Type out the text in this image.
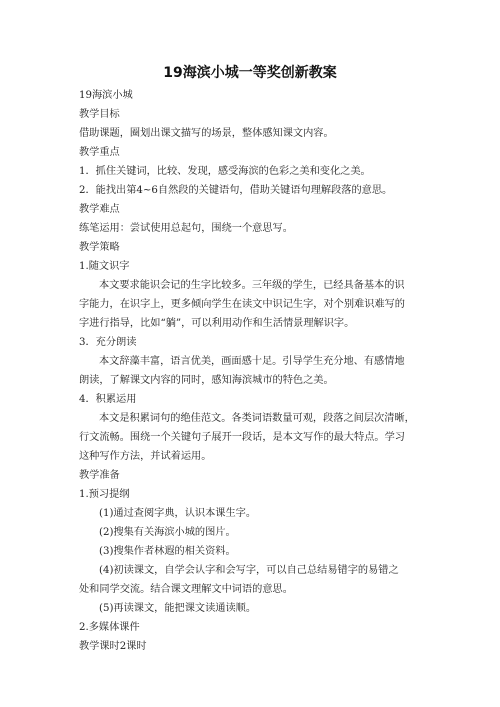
19海滨小城一等奖创新教案
19海滨小城
教学目标
借助课题，圈划出课文描写的场景，整体感知课文内容。
教学重点
1．抓住关键词，比较、发现，感受海滨的色彩之美和变化之美。
2．能找出第4~6自然段的关键语句，借助关键语句理解段落的意思。
教学难点
练笔运用：尝试使用总起句，围绕一个意思写。
教学策略
1.随文识字
本文要求能识会记的生字比较多。三年级的学生，已经具备基本的识
字能力，在识字上，更多倾向学生在读文中识记生字，对个别难识难写的
字进行指导，比如“躺”，可以利用动作和生活情景理解识字。
3．充分朗读
本文辞藻丰富，语言优美，画面感十足。引导学生充分地、有感情地
朗读，了解课文内容的同时，感知海滨城市的特色之美。
4．积累运用
本文是积累词句的绝佳范文。各类词语数量可观，段落之间层次清晰，
行文流畅。围绕一个关键句子展开一段话，是本文写作的最大特点。学习
这种写作方法，并试着运用。
教学准备
1.预习提纲
(1)通过查阅字典，认识本课生字。
(2)搜集有关海滨小城的图片。
(3)搜集作者林遐的相关资料。
(4)初读课文，自学会认字和会写字，可以自己总结易错字的易错之
处和同学交流。结合课文理解文中词语的意思。
(5)再读课文，能把课文读通读顺。
2.多媒体课件
教学课时2课时
